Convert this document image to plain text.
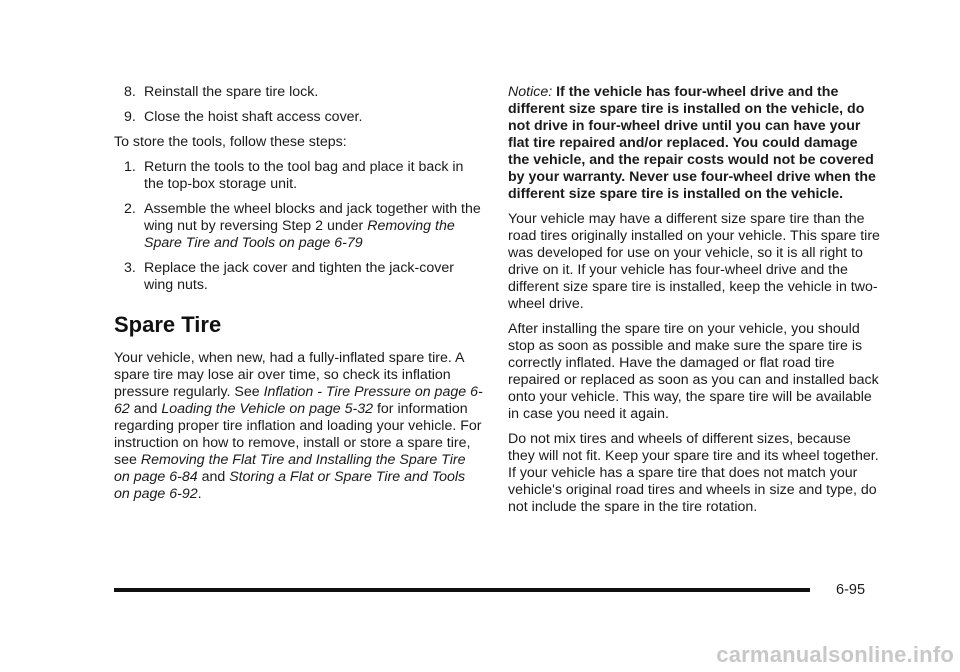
8. Reinstall the spare tire lock.
9. Close the hoist shaft access cover.

To store the tools, follow these steps:

1. Return the tools to the tool bag and place it back in the top-box storage unit.
2. Assemble the wheel blocks and jack together with the wing nut by reversing Step 2 under Removing the Spare Tire and Tools on page 6-79
3. Replace the jack cover and tighten the jack-cover wing nuts.
Spare Tire

Your vehicle, when new, had a fully-inflated spare tire. A spare tire may lose air over time, so check its inflation pressure regularly. See Inflation - Tire Pressure on page 6-62 and Loading the Vehicle on page 5-32 for information regarding proper tire inflation and loading your vehicle. For instruction on how to remove, install or store a spare tire, see Removing the Flat Tire and Installing the Spare Tire on page 6-84 and Storing a Flat or Spare Tire and Tools on page 6-92.

Notice: If the vehicle has four-wheel drive and the different size spare tire is installed on the vehicle, do not drive in four-wheel drive until you can have your flat tire repaired and/or replaced. You could damage the vehicle, and the repair costs would not be covered by your warranty. Never use four-wheel drive when the different size spare tire is installed on the vehicle.

Your vehicle may have a different size spare tire than the road tires originally installed on your vehicle. This spare tire was developed for use on your vehicle, so it is all right to drive on it. If your vehicle has four-wheel drive and the different size spare tire is installed, keep the vehicle in two-wheel drive.

After installing the spare tire on your vehicle, you should stop as soon as possible and make sure the spare tire is correctly inflated. Have the damaged or flat road tire repaired or replaced as soon as you can and installed back onto your vehicle. This way, the spare tire will be available in case you need it again.

Do not mix tires and wheels of different sizes, because they will not fit. Keep your spare tire and its wheel together. If your vehicle has a spare tire that does not match your vehicle's original road tires and wheels in size and type, do not include the spare in the tire rotation.

6-95
carmanualsonline.info
